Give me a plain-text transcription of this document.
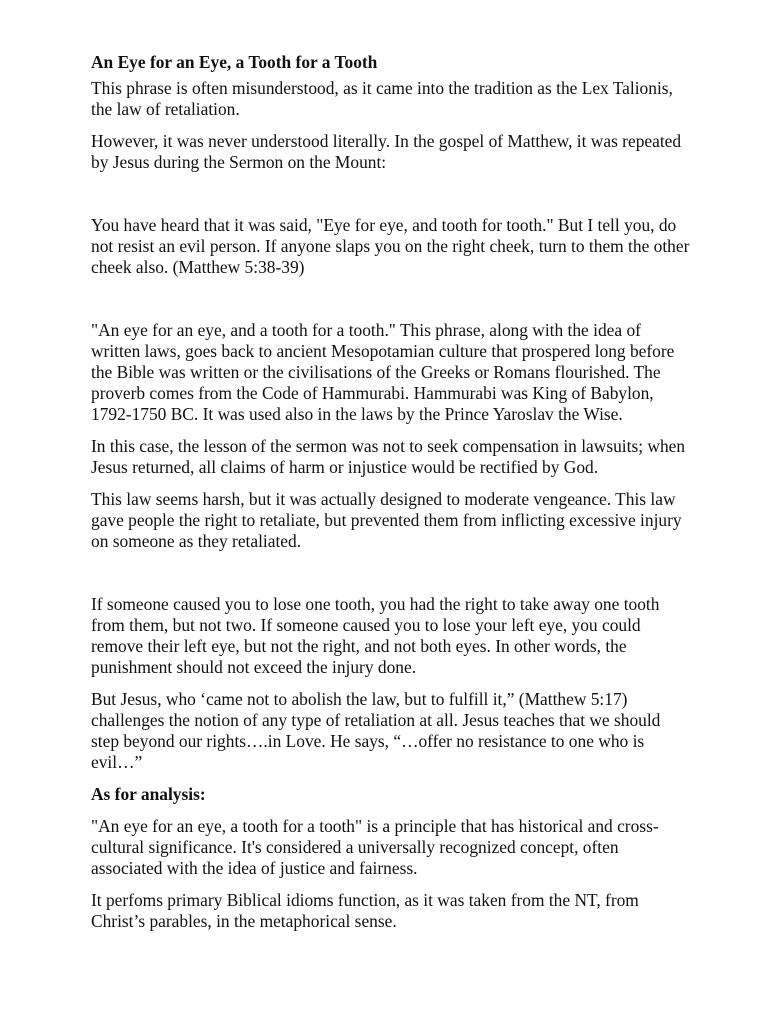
An Eye for an Eye, a Tooth for a Tooth

This phrase is often misunderstood, as it came into the tradition as the Lex Talionis,
the law of retaliation.

However, it was never understood literally. In the gospel of Matthew, it was repeated
by Jesus during the Sermon on the Mount:

You have heard that it was said, "Eye for eye, and tooth for tooth." But I tell you, do
not resist an evil person. If anyone slaps you on the right cheek, turn to them the other
cheek also. (Matthew 5:38-39)

"An eye for an eye, and a tooth for a tooth." This phrase, along with the idea of
written laws, goes back to ancient Mesopotamian culture that prospered long before
the Bible was written or the civilisations of the Greeks or Romans flourished. The
proverb comes from the Code of Hammurabi. Hammurabi was King of Babylon,
1792-1750 BC. It was used also in the laws by the Prince Yaroslav the Wise.

In this case, the lesson of the sermon was not to seek compensation in lawsuits; when
Jesus returned, all claims of harm or injustice would be rectified by God.

This law seems harsh, but it was actually designed to moderate vengeance. This law
gave people the right to retaliate, but prevented them from inflicting excessive injury
on someone as they retaliated.

If someone caused you to lose one tooth, you had the right to take away one tooth
from them, but not two. If someone caused you to lose your left eye, you could
remove their left eye, but not the right, and not both eyes. In other words, the
punishment should not exceed the injury done.

But Jesus, who ‘came not to abolish the law, but to fulfill it,” (Matthew 5:17)
challenges the notion of any type of retaliation at all. Jesus teaches that we should
step beyond our rights….in Love. He says, “…offer no resistance to one who is
evil…”

As for analysis:

"An eye for an eye, a tooth for a tooth" is a principle that has historical and cross-
cultural significance. It's considered a universally recognized concept, often
associated with the idea of justice and fairness.

It perfoms primary Biblical idioms function, as it was taken from the NT, from
Christ’s parables, in the metaphorical sense.
